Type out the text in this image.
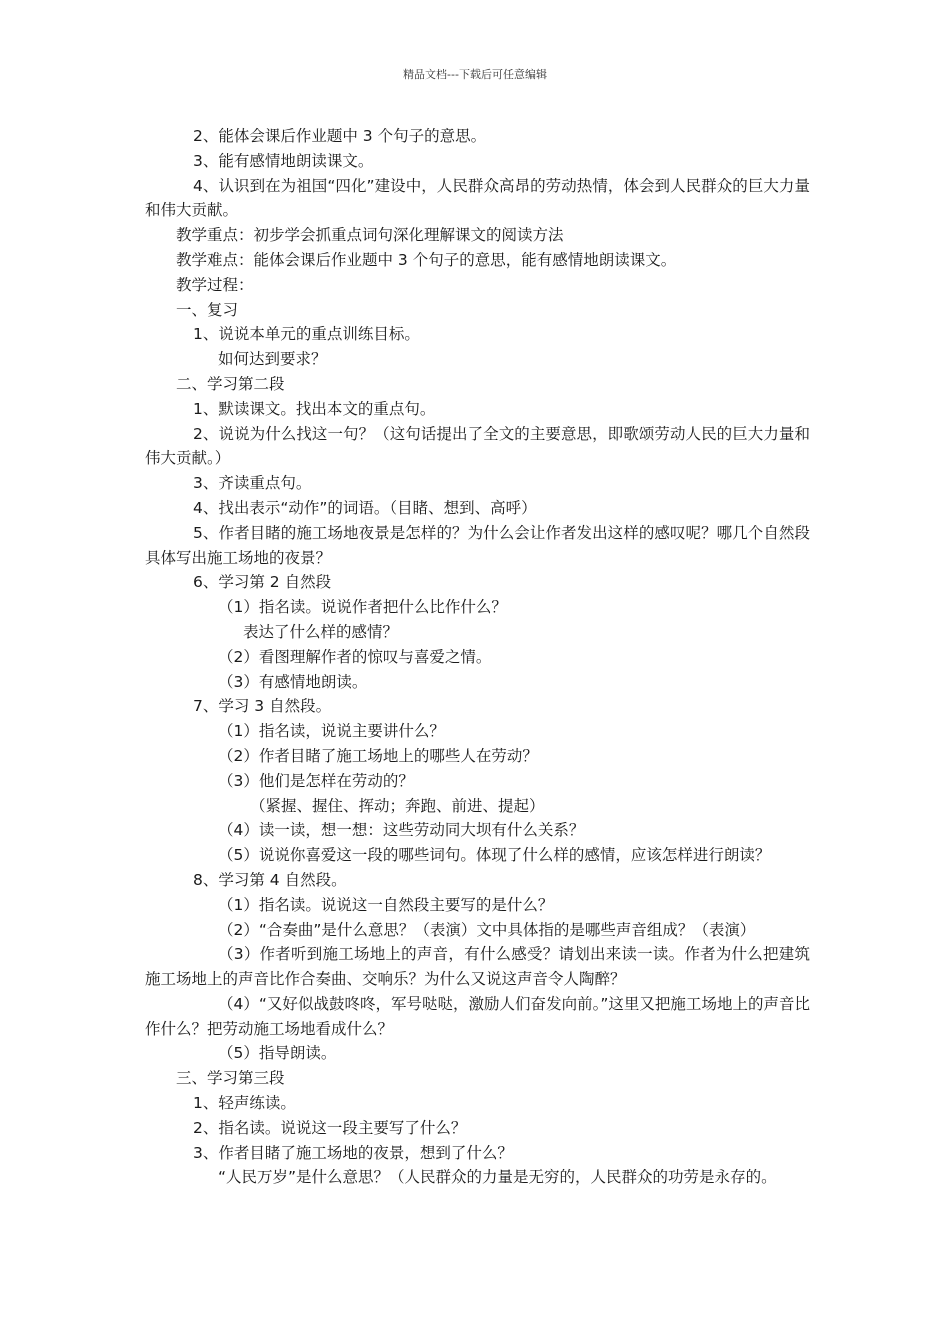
精品文档---下载后可任意编辑
2、能体会课后作业题中 3 个句子的意思。
3、能有感情地朗读课文。
4、认识到在为祖国“四化”建设中，人民群众高昂的劳动热情，体会到人民群众的巨大力量和伟大贡献。
教学重点：初步学会抓重点词句深化理解课文的阅读方法
教学难点：能体会课后作业题中 3 个句子的意思，能有感情地朗读课文。
教学过程：
一、复习
1、说说本单元的重点训练目标。
如何达到要求？
二、学习第二段
1、默读课文。找出本文的重点句。
2、说说为什么找这一句？（这句话提出了全文的主要意思，即歌颂劳动人民的巨大力量和伟大贡献。）
3、齐读重点句。
4、找出表示“动作”的词语。（目睹、想到、高呼）
5、作者目睹的施工场地夜景是怎样的？为什么会让作者发出这样的感叹呢？哪几个自然段具体写出施工场地的夜景？
6、学习第 2 自然段
（1）指名读。说说作者把什么比作什么？
表达了什么样的感情？
（2）看图理解作者的惊叹与喜爱之情。
（3）有感情地朗读。
7、学习 3 自然段。
（1）指名读，说说主要讲什么？
（2）作者目睹了施工场地上的哪些人在劳动？
（3）他们是怎样在劳动的？
（紧握、握住、挥动；奔跑、前进、提起）
（4）读一读，想一想：这些劳动同大坝有什么关系？
（5）说说你喜爱这一段的哪些词句。体现了什么样的感情，应该怎样进行朗读？
8、学习第 4 自然段。
（1）指名读。说说这一自然段主要写的是什么？
（2）“合奏曲”是什么意思？（表演）文中具体指的是哪些声音组成？（表演）
（3）作者听到施工场地上的声音，有什么感受？请划出来读一读。作者为什么把建筑施工场地上的声音比作合奏曲、交响乐？为什么又说这声音令人陶醉？
（4）“又好似战鼓咚咚，军号哒哒，激励人们奋发向前。”这里又把施工场地上的声音比作什么？把劳动施工场地看成什么？
（5）指导朗读。
三、学习第三段
1、轻声练读。
2、指名读。说说这一段主要写了什么？
3、作者目睹了施工场地的夜景，想到了什么？
“人民万岁”是什么意思？（人民群众的力量是无穷的，人民群众的功劳是永存的。
